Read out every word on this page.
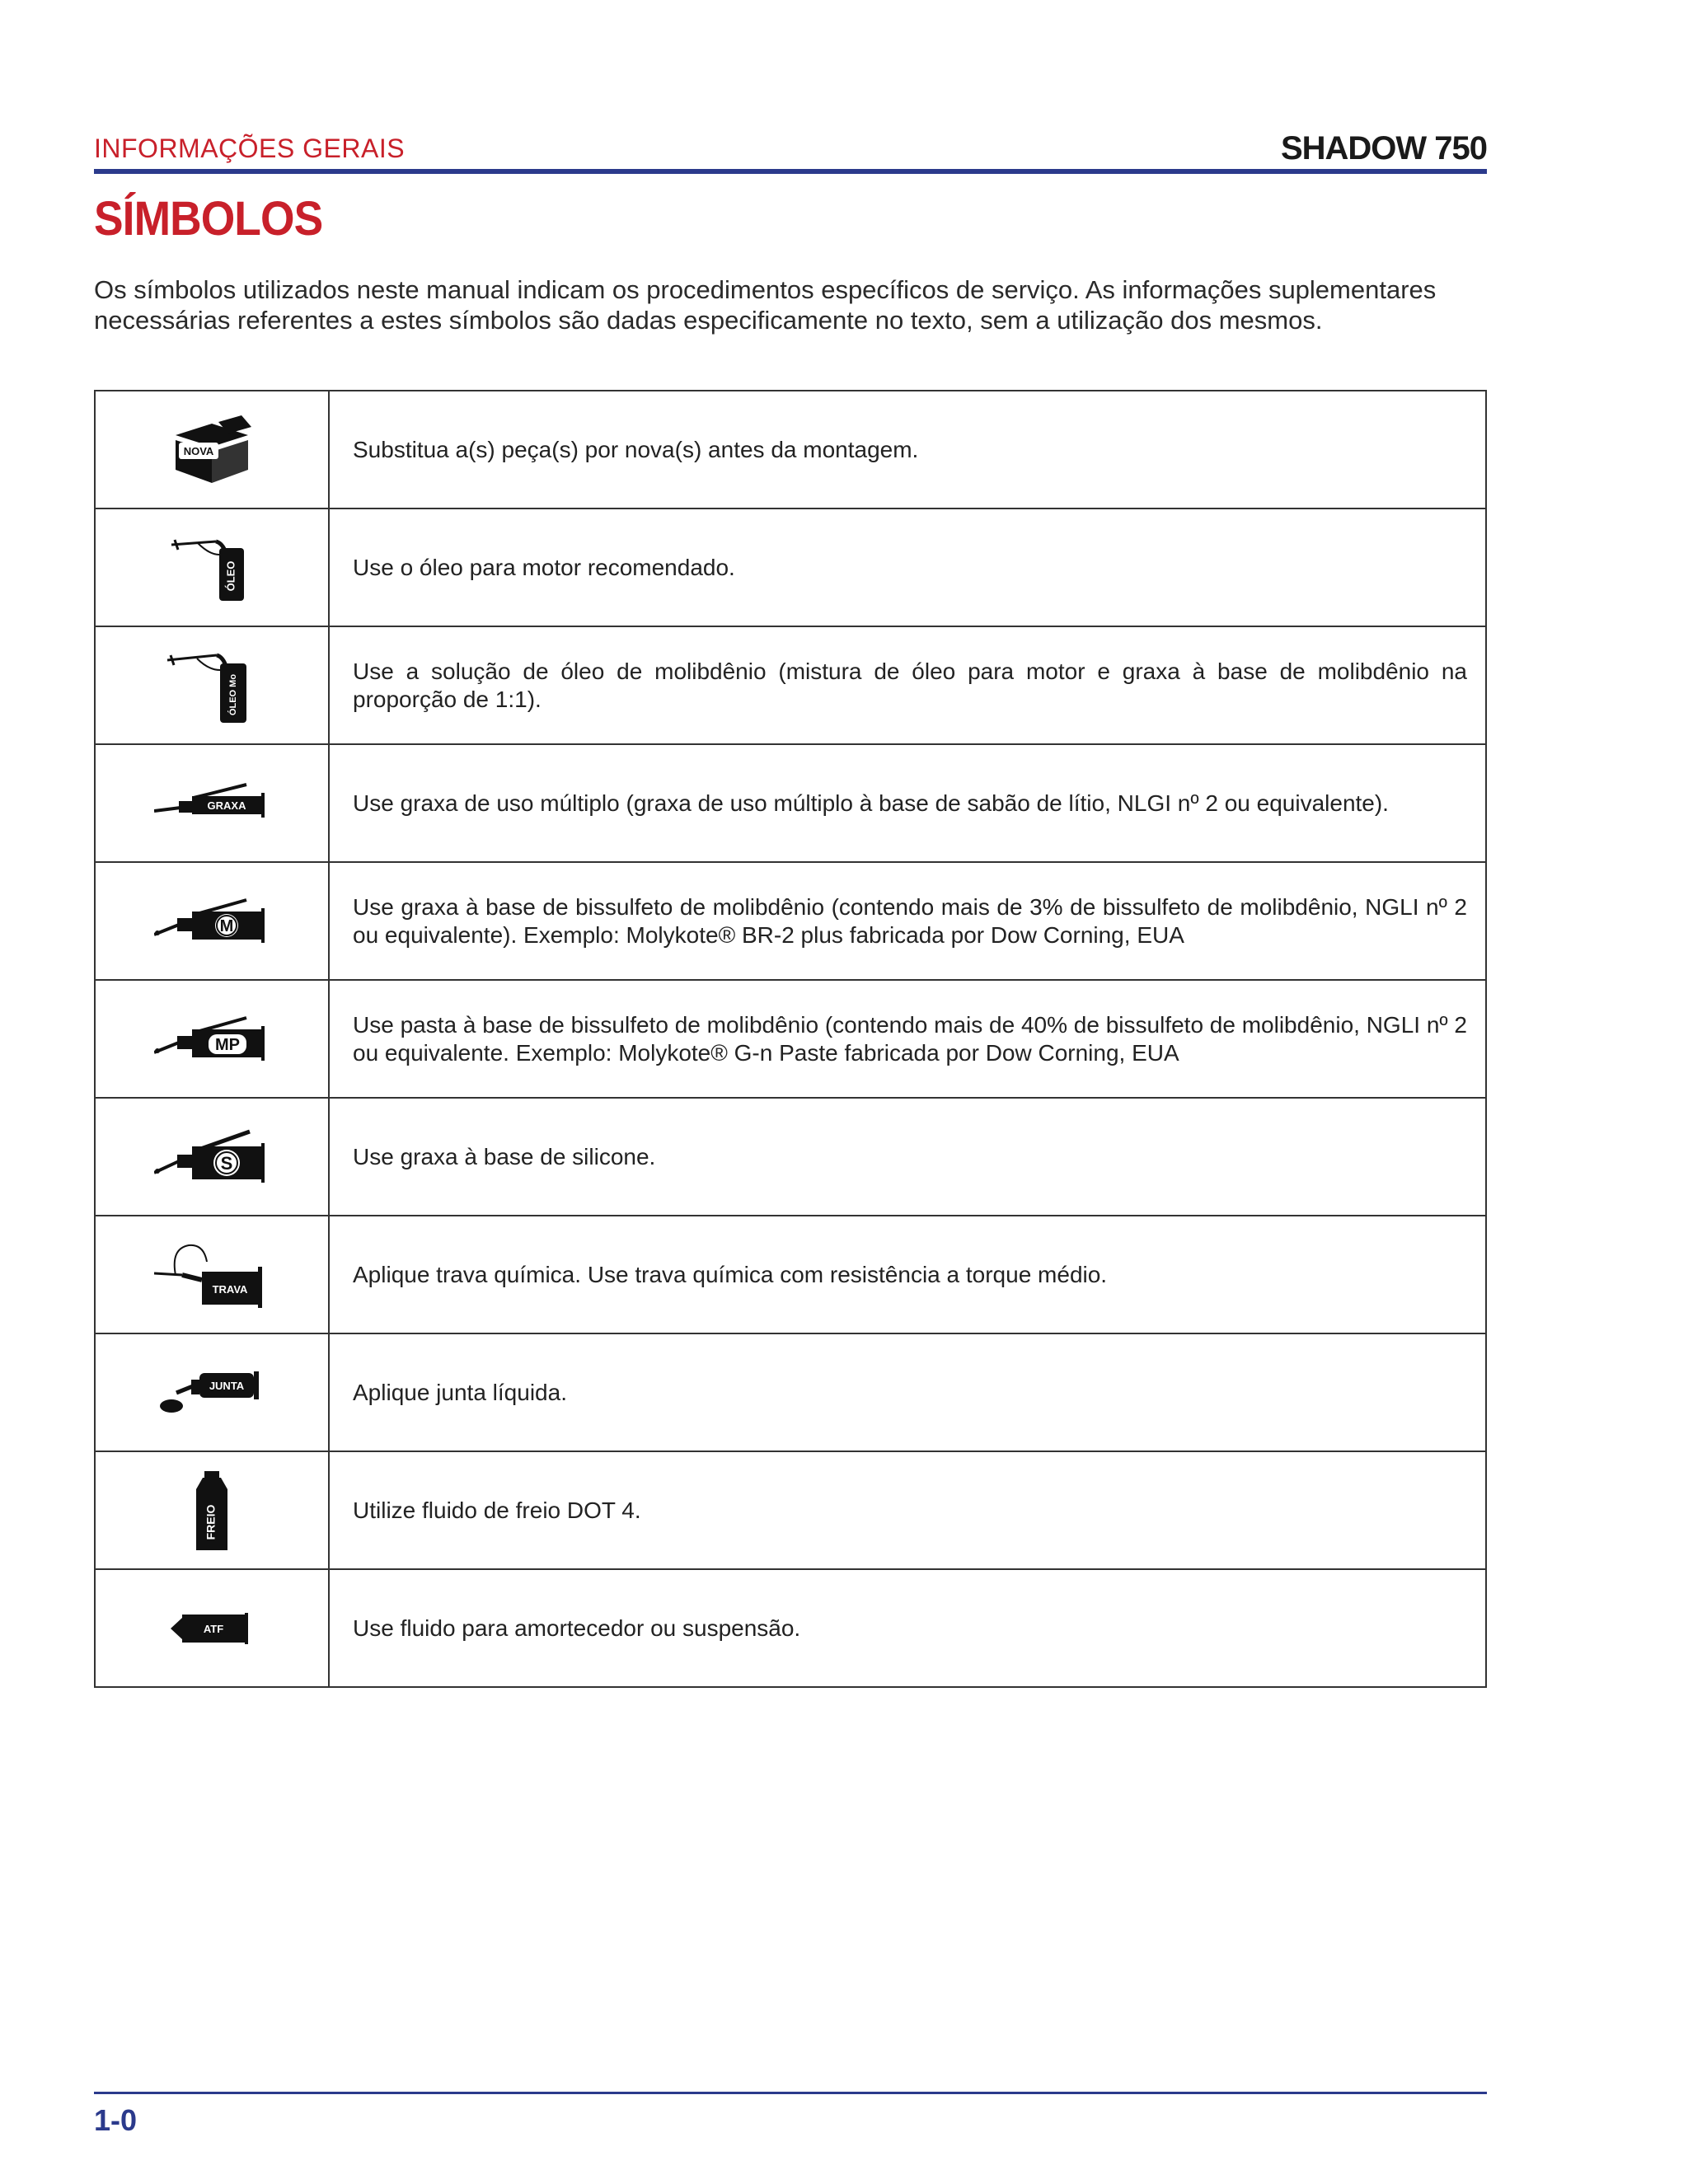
INFORMAÇÕES GERAIS	SHADOW 750
SÍMBOLOS

Os símbolos utilizados neste manual indicam os procedimentos específicos de serviço. As informações suplementares necessárias referentes a estes símbolos são dadas especificamente no texto, sem a utilização dos mesmos.

NOVA	Substitua a(s) peça(s) por nova(s) antes da montagem.

ÓLEO	Use o óleo para motor recomendado.

ÓLEO Mo	Use a solução de óleo de molibdênio (mistura de óleo para motor e graxa à base de molibdênio na proporção de 1:1).

GRAXA	Use graxa de uso múltiplo (graxa de uso múltiplo à base de sabão de lítio, NLGI nº 2 ou equivalente).

M	Use graxa à base de bissulfeto de molibdênio (contendo mais de 3% de bissulfeto de molibdênio, NGLI nº 2 ou equivalente). Exemplo: Molykote® BR-2 plus fabricada por Dow Corning, EUA

MP	Use pasta à base de bissulfeto de molibdênio (contendo mais de 40% de bissulfeto de molibdênio, NGLI nº 2 ou equivalente. Exemplo: Molykote® G-n Paste fabricada por Dow Corning, EUA

S	Use graxa à base de silicone.

TRAVA	Aplique trava química. Use trava química com resistência a torque médio.

JUNTA	Aplique junta líquida.

FREIO	Utilize fluido de freio DOT 4.

ATF	Use fluido para amortecedor ou suspensão.
1-0
